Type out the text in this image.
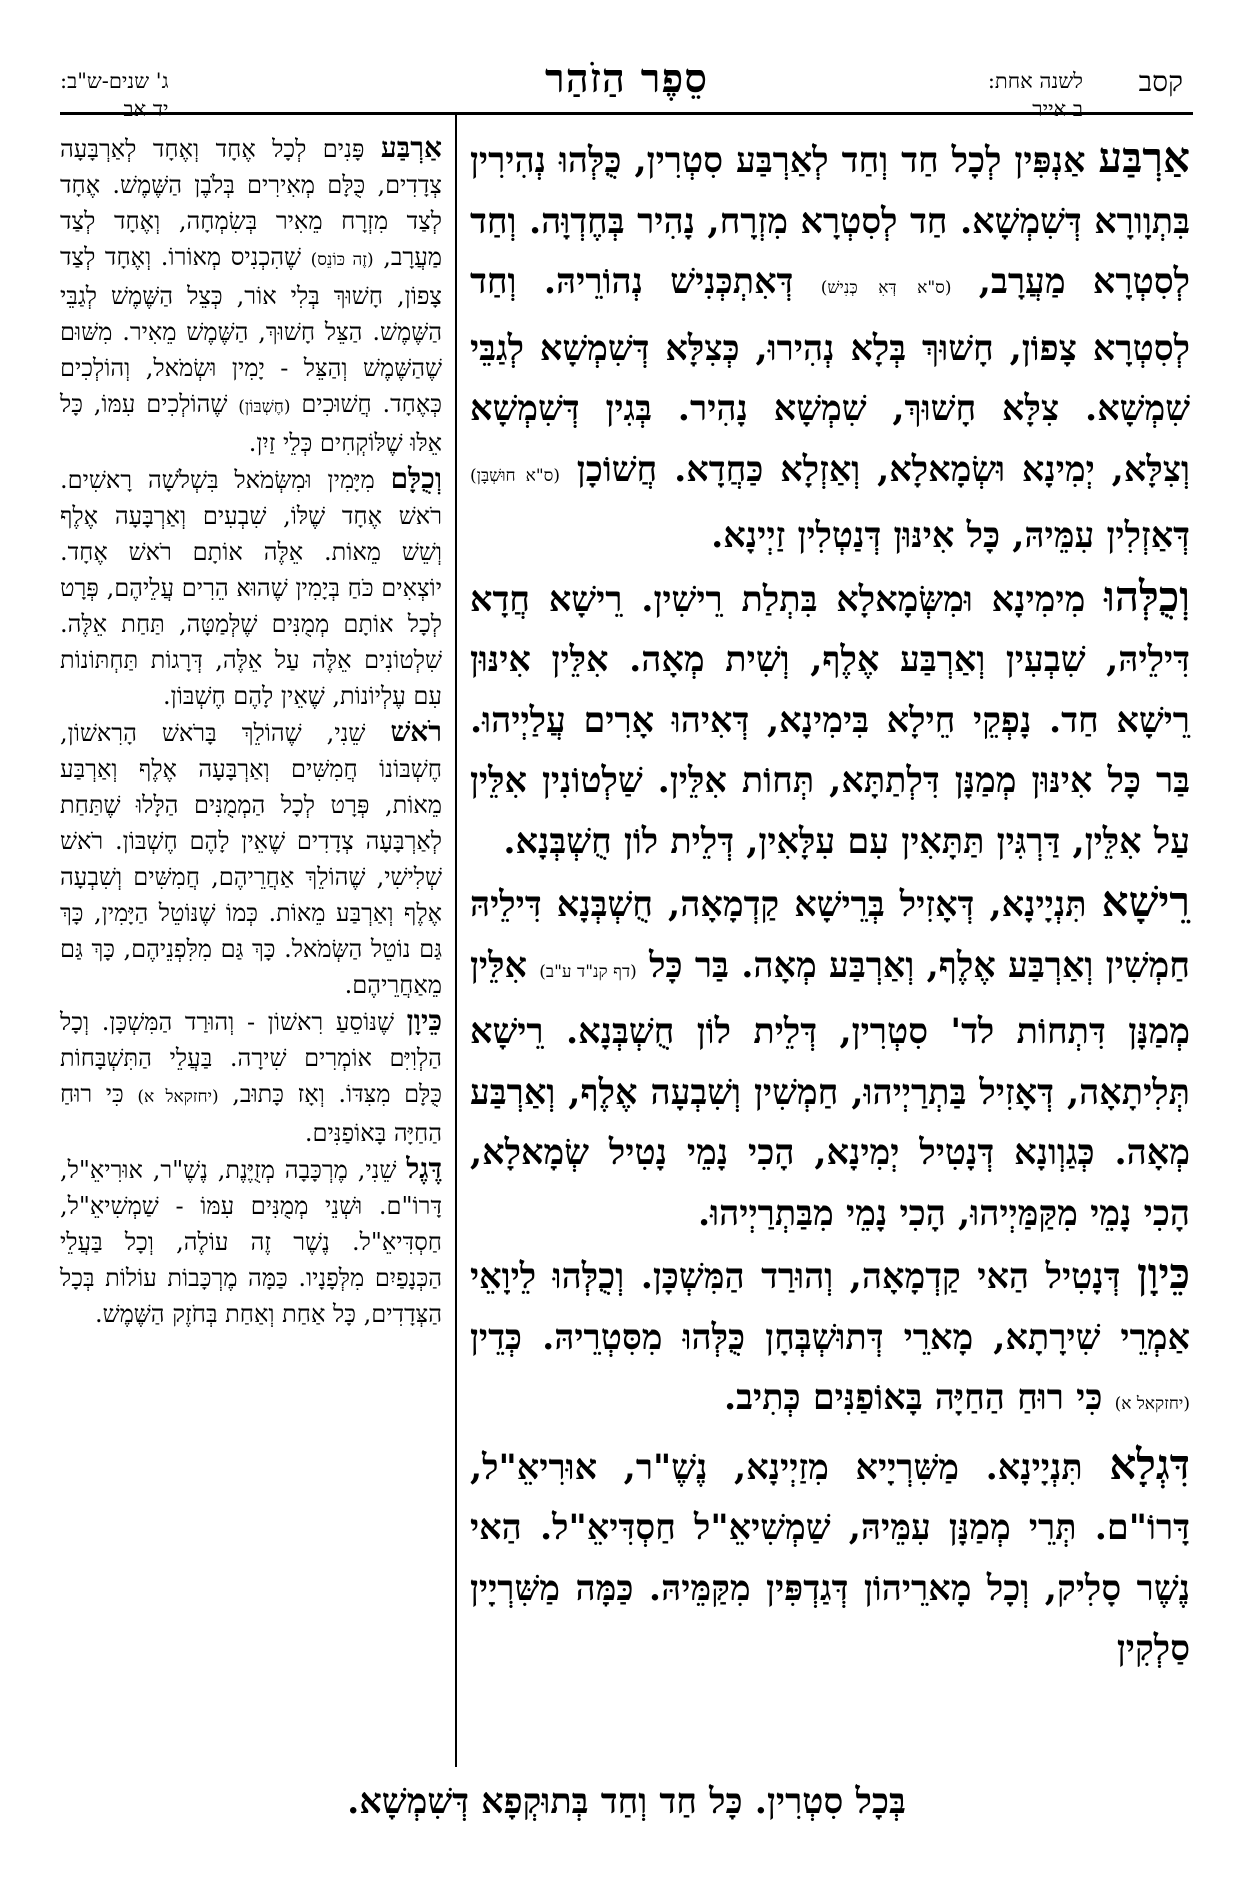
קסב
לשנה אחת:
ב אייר
סֵפֶר הַזֹהַר
ג' שנים-ש"ב:
יד אב

אַרְבַּע אַנְפִּין לְכָל חַד וְחַד לְאַרְבַּע סִטְרִין, כֻּלְּהוּ נְהִירִין בִּתְוָורָא דְּשִׁמְשָׁא. חַד לְסִטְרָא מִזְרָח, נָהִיר בְּחֶדְוָּה. וְחַד לְסִטְרָא מַעֲרָב, (ס"א דְּאִ כְּנִישׁ) דְּאִתְכְּנִישׁ נְהוֹרֵיהּ. וְחַד לְסִטְרָא צָפוֹן, חָשׁוּךְ בְּלָא נְהִירוּ, כְּצִלָּא דְּשִׁמְשָׁא לְגַבֵּי שִׁמְשָׁא. צִלָּא חָשׁוּךְ, שִׁמְשָׁא נָהִיר. בְּגִין דְּשִׁמְשָׁא וְצִלָּא, יְמִינָא וּשְׂמָאלָא, וְאַזְלָא כַּחֲדָא. חֲשׁוֹכָן (ס"א חוּשְׁבָּן) דְּאַזְלִין עִמֵּיהּ, כָּל אִינּוּן דְּנַטְלִין זַיְינָא.

וְכֻלְּהוּ מִימִינָא וּמִשְּׂמָאלָא בִּתְלַת רֵישִׁין. רֵישָׁא חֲדָא דִּילֵיהּ, שִׁבְעִין וְאַרְבַּע אֶלֶף, וְשִׁית מְאָה. אִלֵּין אִינּוּן רֵישָׁא חַד. נָפְקֵי חֵילָא בִּימִינָא, דְּאִיהוּ אָרִים עֲלַיְיהוּ. בַּר כָּל אִינּוּן מְמַנָּן דִּלְתַתָּא, תְּחוֹת אִלֵּין. שַׁלְטוֹנִין אִלֵּין עַל אִלֵּין, דַּרְגִּין תַּתָּאִין עִם עִלָּאִין, דְּלֵית לוֹן חֻשְׁבְּנָא.

רֵישָׁא תִּנְיָינָא, דְּאָזִיל בְּרֵישָׁא קַדְמָאָה, חֻשְׁבְּנָא דִּילֵיהּ חַמְשִׁין וְאַרְבַּע אֶלֶף, וְאַרְבַּע מְאָה. בַּר כָּל (דף קנ"ד ע"ב) אִלֵּין מְמַנָּן דִּתְחוֹת לד' סִטְרִין, דְּלֵית לוֹן חֻשְׁבְּנָא. רֵישָׁא תְּלִיתָאָה, דְּאָזִיל בַּתְרַיְיהוּ, חַמְשִׁין וְשִׁבְעָה אֶלֶף, וְאַרְבַּע מְאָה. כְּגַוְונָא דְּנָטִיל יְמִינָא, הָכִי נָמֵי נָטִיל שְׂמָאלָא, הָכִי נָמֵי מִקַּמַּיְיהוּ, הָכִי נָמֵי מִבַּתְרַיְיהוּ.

כֵּיוָן דְּנָטִיל הַאי קַדְמָאָה, וְהוּרַד הַמִּשְׁכָּן. וְכֻלְּהוּ לֵיוָאֵי אַמְרֵי שִׁירָתָא, מָארֵי דְּתוּשְׁבְּחָן כֻּלְּהוּ מִסִּטְרֵיהּ. כְּדֵין (יחזקאל א) כִּי רוּחַ הַחַיָּה בָּאוֹפַנִּים כְּתִיב.

דִּגְלָא תִּנְיָינָא. מַשִּׁרְיָיא מִזַיְינָא, נֶשֶׁ"ר, אוּרִיאֵ"ל, דָּרוֹ"ם. תְּרֵי מְמַנָּן עִמֵּיהּ, שַׁמְשִׁיאֵ"ל חַסְדִּיאֵ"ל. הַאי נֶשֶׁר סָלִיק, וְכָל מָארֵיהוֹן דְּגַדְפִּין מִקַּמֵּיהּ. כַּמָּה מַשִּׁרְיָין סַלְקִין

אַרְבַּע פָּנִים לְכָל אֶחָד וְאֶחָד לְאַרְבָּעָה צְדָדִים, כֻּלָּם מְאִירִים בְּלֹבֶן הַשֶּׁמֶשׁ. אֶחָד לְצַד מִזְרָח מֵאִיר בְּשִׂמְחָה, וְאֶחָד לְצַד מַעֲרָב, (זֶה כּוֹנֵס) שֶׁהִכְנִיס מְאוֹרוֹ. וְאֶחָד לְצַד צָפוֹן, חָשׁוּךְ בְּלִי אוֹר, כְּצֵל הַשֶּׁמֶשׁ לְגַבֵּי הַשֶּׁמֶשׁ. הַצֵּל חָשׁוּךְ, הַשֶּׁמֶשׁ מֵאִיר. מִשּׁוּם שֶׁהַשֶּׁמֶשׁ וְהַצֵּל - יָמִין וּשְׂמֹאל, וְהוֹלְכִים כְּאֶחָד. חֲשׁוּכִים (חֶשְׁבּוֹן) שֶׁהוֹלְכִים עִמּוֹ, כָּל אֵלּוּ שֶׁלּוֹקְחִים כְּלֵי זַיִן.

וְכֻלָּם מִיָּמִין וּמִשְּׂמֹאל בִּשְׁלֹשָׁה רָאשִׁים. רֹאשׁ אֶחָד שֶׁלּוֹ, שִׁבְעִים וְאַרְבָּעָה אֶלֶף וְשֵׁשׁ מֵאוֹת. אֵלֶּה אוֹתָם רֹאשׁ אֶחָד. יוֹצְאִים כֹּחַ בְּיָמִין שֶׁהוּא הֵרִים עֲלֵיהֶם, פְּרָט לְכָל אוֹתָם מְמֻנִּים שֶׁלְּמַטָּה, תַּחַת אֵלֶּה. שִׁלְטוֹנִים אֵלֶּה עַל אֵלֶּה, דְּרָגוֹת תַּחְתּוֹנוֹת עִם עֶלְיוֹנוֹת, שֶׁאֵין לָהֶם חֶשְׁבּוֹן.

רֹאשׁ שֵׁנִי, שֶׁהוֹלֵךְ בָּרֹאשׁ הָרִאשׁוֹן, חֶשְׁבּוֹנוֹ חֲמִשִּׁים וְאַרְבָּעָה אֶלֶף וְאַרְבַּע מֵאוֹת, פְּרָט לְכָל הַמְמֻנִּים הַלָּלוּ שֶׁתַּחַת לְאַרְבָּעָה צְדָדִים שֶׁאֵין לָהֶם חֶשְׁבּוֹן. רֹאשׁ שְׁלִישִׁי, שֶׁהוֹלֵךְ אַחֲרֵיהֶם, חֲמִשִּׁים וְשִׁבְעָה אֶלֶף וְאַרְבַּע מֵאוֹת. כְּמוֹ שֶׁנּוֹטֵל הַיָּמִין, כָּךְ גַּם נוֹטֵל הַשְּׂמֹאל. כָּךְ גַּם מִלִּפְנֵיהֶם, כָּךְ גַּם מֵאַחֲרֵיהֶם.

כֵּיוָן שֶׁנּוֹסֵעַ רִאשׁוֹן - וְהוּרַד הַמִּשְׁכָּן. וְכָל הַלְוִיִּם אוֹמְרִים שִׁירָה. בַּעֲלֵי הַתִּשְׁבָּחוֹת כֻּלָּם מִצִּדּוֹ. וְאָז כָּתוּב, (יחזקאל א) כִּי רוּחַ הַחַיָּה בָּאוֹפַנִּים.

דֶּגֶל שֵׁנִי, מֶרְכָּבָה מְזֻיֶּנֶת, נֶשֶׁ"ר, אוּרִיאֵ"ל, דָּרוֹ"ם. וּשְׁנֵי מְמֻנִּים עִמּוֹ - שַׁמְשִׁיאֵ"ל, חַסְדִּיאֵ"ל. נֶשֶׁר זֶה עוֹלֶה, וְכָל בַּעֲלֵי הַכְּנָפַיִם מִלְּפָנָיו. כַּמָּה מֶרְכָּבוֹת עוֹלוֹת בְּכָל הַצְּדָדִים, כָּל אַחַת וְאַחַת בְּחֹזֶק הַשֶּׁמֶשׁ.

בְּכָל סִטְרִין. כָּל חַד וְחַד בְּתוּקְפָא דְּשִׁמְשָׁא.
